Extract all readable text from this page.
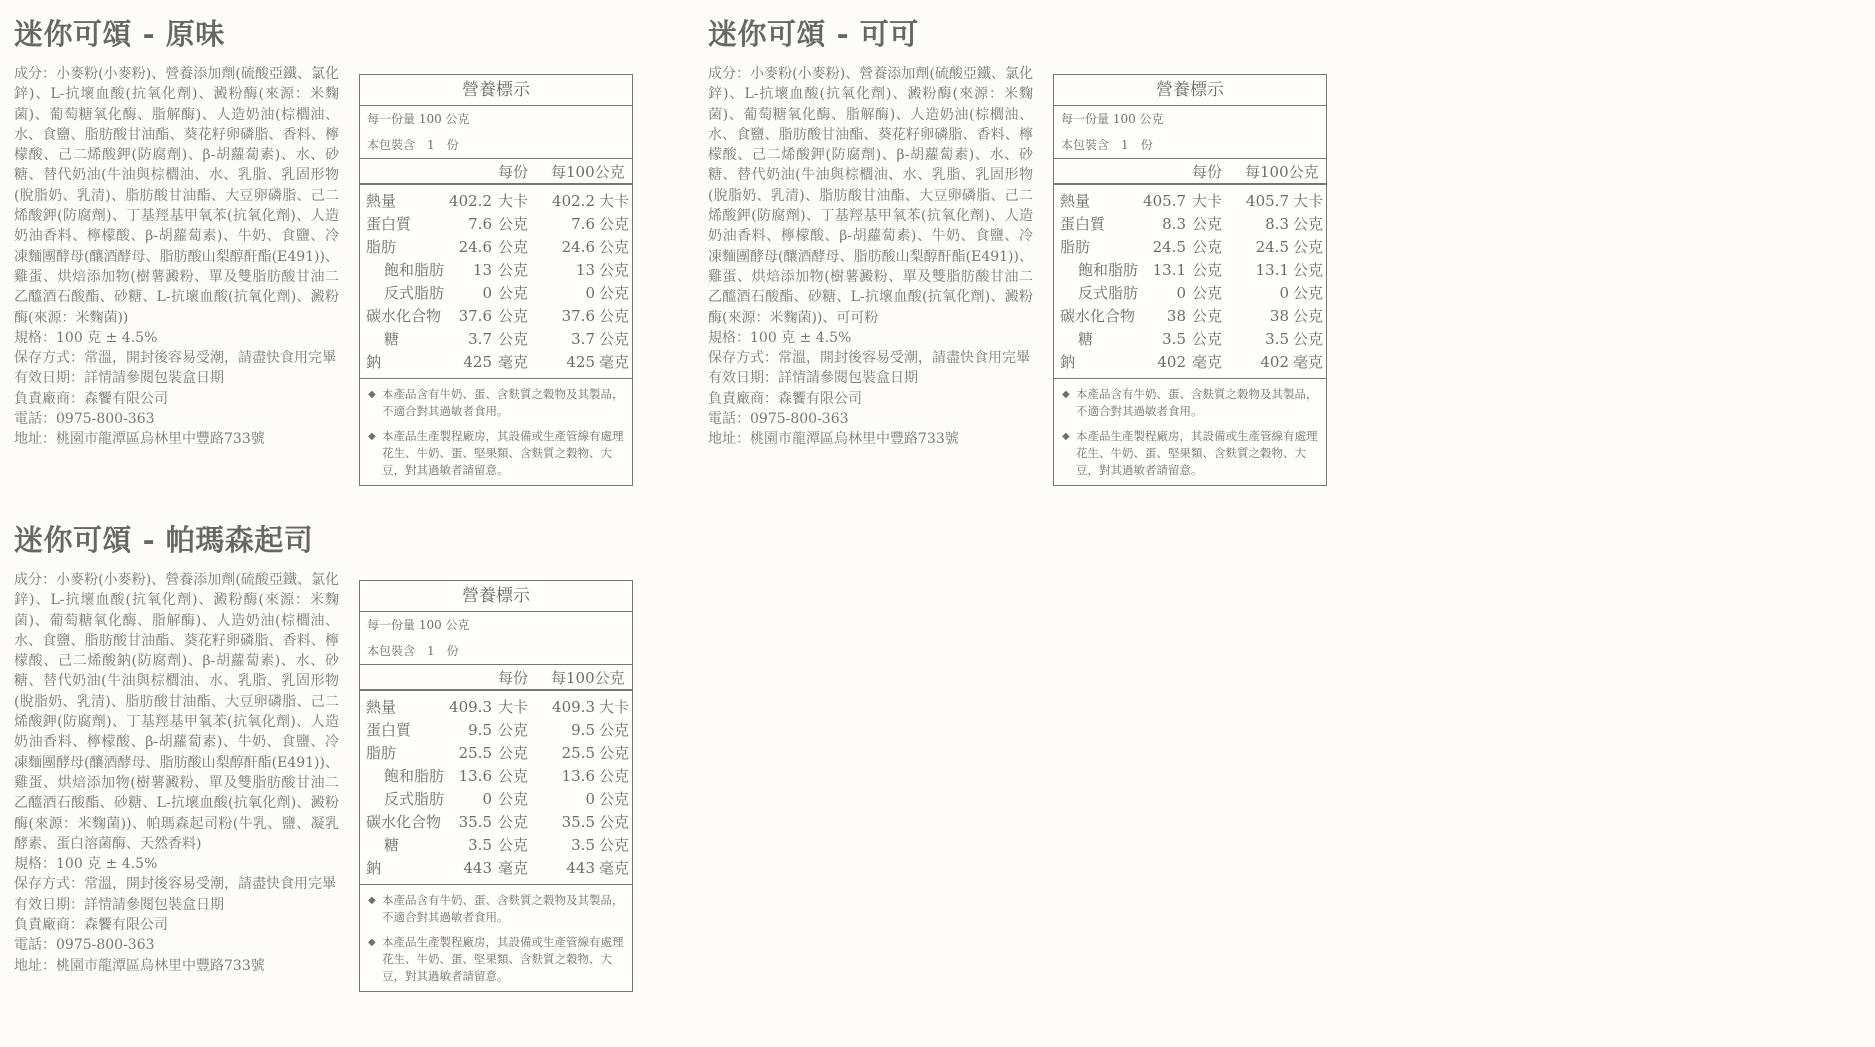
迷你可頌 - 原味

成分：小麥粉(小麥粉)、營養添加劑(硫酸亞鐵、氯化鋅)、L-抗壞血酸(抗氧化劑)、澱粉酶(來源：米麴菌)、葡萄糖氧化酶、脂解酶)、人造奶油(棕櫚油、水、食鹽、脂肪酸甘油酯、葵花籽卵磷脂、香料、檸檬酸、己二烯酸鉀(防腐劑)、β-胡蘿蔔素)、水、砂糖、替代奶油(牛油與棕櫚油、水、乳脂、乳固形物(脫脂奶、乳清)、脂肪酸甘油酯、大豆卵磷脂、己二烯酸鉀(防腐劑)、丁基羥基甲氧苯(抗氧化劑)、人造奶油香料、檸檬酸、β-胡蘿蔔素)、牛奶、食鹽、冷凍麵團酵母(釀酒酵母、脂肪酸山梨醇酐酯(E491))、雞蛋、烘焙添加物(樹薯澱粉、單及雙脂肪酸甘油二乙醯酒石酸酯、砂糖、L-抗壞血酸(抗氧化劑)、澱粉酶(來源：米麴菌))

規格：100 克 ± 4.5%

保存方式：常溫，開封後容易受潮，請盡快食用完畢

有效日期：詳情請參閱包裝盒日期

負責廠商：森饗有限公司

電話：0975-800-363

地址：桃園市龍潭區烏林里中豐路733號

營養標示
每一份量 100 公克
本包裝含　1　份
每份 每100公克
熱量	402.2 大卡 402.2 大卡
蛋白質	7.6 公克	7.6 公克
脂肪	24.6 公克 24.6 公克
飽和脂肪 13 公克	13 公克
反式脂肪	0 公克	0 公克
碳水化合物 37.6 公克 37.6 公克
糖	3.7 公克	3.7 公克
鈉	425 毫克	425 毫克
◆ 本產品含有牛奶、蛋、含麩質之穀物及其製品，不適合對其過敏者食用。
◆ 本產品生產製程廠房，其設備或生產管線有處理花生、牛奶、蛋、堅果類、含麩質之穀物、大豆，對其過敏者請留意。
迷你可頌 - 可可

成分：小麥粉(小麥粉)、營養添加劑(硫酸亞鐵、氯化鋅)、L-抗壞血酸(抗氧化劑)、澱粉酶(來源：米麴菌)、葡萄糖氧化酶、脂解酶)、人造奶油(棕櫚油、水、食鹽、脂肪酸甘油酯、葵花籽卵磷脂、香料、檸檬酸、己二烯酸鉀(防腐劑)、β-胡蘿蔔素)、水、砂糖、替代奶油(牛油與棕櫚油、水、乳脂、乳固形物(脫脂奶、乳清)、脂肪酸甘油酯、大豆卵磷脂、己二烯酸鉀(防腐劑)、丁基羥基甲氧苯(抗氧化劑)、人造奶油香料、檸檬酸、β-胡蘿蔔素)、牛奶、食鹽、冷凍麵團酵母(釀酒酵母、脂肪酸山梨醇酐酯(E491))、雞蛋、烘焙添加物(樹薯澱粉、單及雙脂肪酸甘油二乙醯酒石酸酯、砂糖、L-抗壞血酸(抗氧化劑)、澱粉酶(來源：米麴菌))、可可粉

規格：100 克 ± 4.5%

保存方式：常溫，開封後容易受潮，請盡快食用完畢

有效日期：詳情請參閱包裝盒日期

負責廠商：森饗有限公司

電話：0975-800-363

地址：桃園市龍潭區烏林里中豐路733號

營養標示
每一份量 100 公克
本包裝含　1　份
每份 每100公克
熱量	405.7 大卡 405.7 大卡
蛋白質	8.3 公克	8.3 公克
脂肪	24.5 公克 24.5 公克
飽和脂肪 13.1 公克 13.1 公克
反式脂肪	0 公克	0 公克
碳水化合物 38 公克	38 公克
糖	3.5 公克	3.5 公克
鈉	402 毫克	402 毫克
◆ 本產品含有牛奶、蛋、含麩質之穀物及其製品，不適合對其過敏者食用。
◆ 本產品生產製程廠房，其設備或生產管線有處理花生、牛奶、蛋、堅果類、含麩質之穀物、大豆，對其過敏者請留意。
迷你可頌 - 帕瑪森起司

成分：小麥粉(小麥粉)、營養添加劑(硫酸亞鐵、氯化鋅)、L-抗壞血酸(抗氧化劑)、澱粉酶(來源：米麴菌)、葡萄糖氧化酶、脂解酶)、人造奶油(棕櫚油、水、食鹽、脂肪酸甘油酯、葵花籽卵磷脂、香料、檸檬酸、己二烯酸鈉(防腐劑)、β-胡蘿蔔素)、水、砂糖、替代奶油(牛油與棕櫚油、水、乳脂、乳固形物(脫脂奶、乳清)、脂肪酸甘油酯、大豆卵磷脂、己二烯酸鉀(防腐劑)、丁基羥基甲氧苯(抗氧化劑)、人造奶油香料、檸檬酸、β-胡蘿蔔素)、牛奶、食鹽、冷凍麵團酵母(釀酒酵母、脂肪酸山梨醇酐酯(E491))、雞蛋、烘焙添加物(樹薯澱粉、單及雙脂肪酸甘油二乙醯酒石酸酯、砂糖、L-抗壞血酸(抗氧化劑)、澱粉酶(來源：米麴菌))、帕瑪森起司粉(牛乳、鹽、凝乳酵素、蛋白溶菌酶、天然香料)

規格：100 克 ± 4.5%

保存方式：常溫，開封後容易受潮，請盡快食用完畢

有效日期：詳情請參閱包裝盒日期

負責廠商：森饗有限公司

電話：0975-800-363

地址：桃園市龍潭區烏林里中豐路733號

營養標示
每一份量 100 公克
本包裝含　1　份
每份 每100公克
熱量	409.3 大卡 409.3 大卡
蛋白質	9.5 公克	9.5 公克
脂肪	25.5 公克 25.5 公克
飽和脂肪 13.6 公克 13.6 公克
反式脂肪	0 公克	0 公克
碳水化合物 35.5 公克 35.5 公克
糖	3.5 公克	3.5 公克
鈉	443 毫克	443 毫克
◆ 本產品含有牛奶、蛋、含麩質之穀物及其製品，不適合對其過敏者食用。
◆ 本產品生產製程廠房，其設備或生產管線有處理花生、牛奶、蛋、堅果類、含麩質之穀物、大豆，對其過敏者請留意。
